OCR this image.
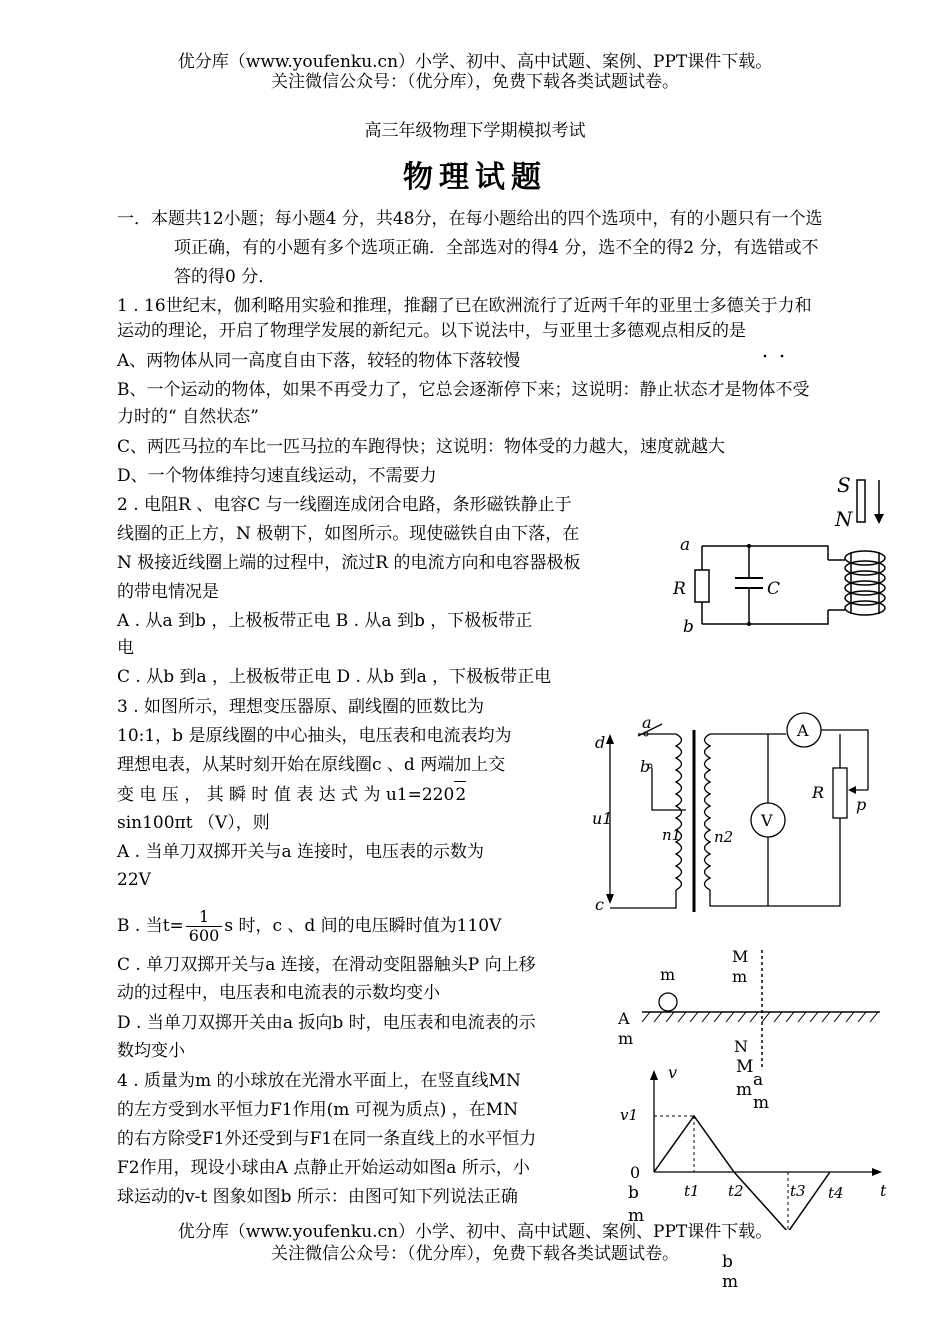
优分库（www.youfenku.cn）小学、初中、高中试题、案例、PPT课件下载。
关注微信公众号：（优分库），免费下载各类试题试卷。
高三年级物理下学期模拟考试
物理试题
一．本题共12小题；每小题4 分，共48分，在每小题给出的四个选项中，有的小题只有一个选
项正确，有的小题有多个选项正确．全部选对的得4 分，选不全的得2 分，有选错或不
答的得0 分．
1 . 16世纪末，伽利略用实验和推理，推翻了已在欧洲流行了近两千年的亚里士多德关于力和
运动的理论，开启了物理学发展的新纪元。以下说法中，与亚里士多德观点相反的是
A、两物体从同一高度自由下落，较轻的物体下落较慢
B、一个运动的物体，如果不再受力了，它总会逐渐停下来；这说明：静止状态才是物体不受
力时的“ 自然状态”
C、两匹马拉的车比一匹马拉的车跑得快；这说明：物体受的力越大，速度就越大
D、一个物体维持匀速直线运动，不需要力
2 . 电阻R 、电容C 与一线圈连成闭合电路，条形磁铁静止于
线圈的正上方，N 极朝下，如图所示。现使磁铁自由下落，在
N 极接近线圈上端的过程中，流过R 的电流方向和电容器极板
的带电情况是
A . 从a 到b ，上极板带正电 B . 从a 到b ，下极板带正
电
C . 从b 到a ，上极板带正电 D . 从b 到a ，下极板带正电
S
N
a
b
R	C
3 . 如图所示，理想变压器原、副线圈的匝数比为
10:1，b 是原线圈的中心抽头，电压表和电流表均为
理想电表，从某时刻开始在原线圈c 、d 两端加上交
变 电 压 ， 其 瞬 时 值 表 达 式 为 u1=2202
sin100πt （V），则
A . 当单刀双掷开关与a 连接时，电压表的示数为
22V
B . 当$t= \frac{1}{600}$ s 时，c 、d 间的电压瞬时值为110V
C . 单刀双掷开关与a 连接，在滑动变阻器触头P 向上移
动的过程中，电压表和电流表的示数均变小
D . 当单刀双掷开关由a 扳向b 时，电压表和电流表的示
数均变小
a
d
b
c
u1
n1 n2
A
V
R
p
4 . 质量为m 的小球放在光滑水平面上，在竖直线MN
的左方受到水平恒力F1作用(m 可视为质点) ，在MN
的右方除受F1外还受到与F1在同一条直线上的水平恒力
F2作用，现设小球由A 点静止开始运动如图a 所示，小
球运动的v-t 图象如图b 所示：由图可知下列说法正确
M
m
m
A
m	N
M
m a
m
v
t
v1
0
t1 t2	t3 t4
b
m
优分库（www.youfenku.cn）小学、初中、高中试题、案例、PPT课件下载。
关注微信公众号：（优分库），免费下载各类试题试卷。	b
m
